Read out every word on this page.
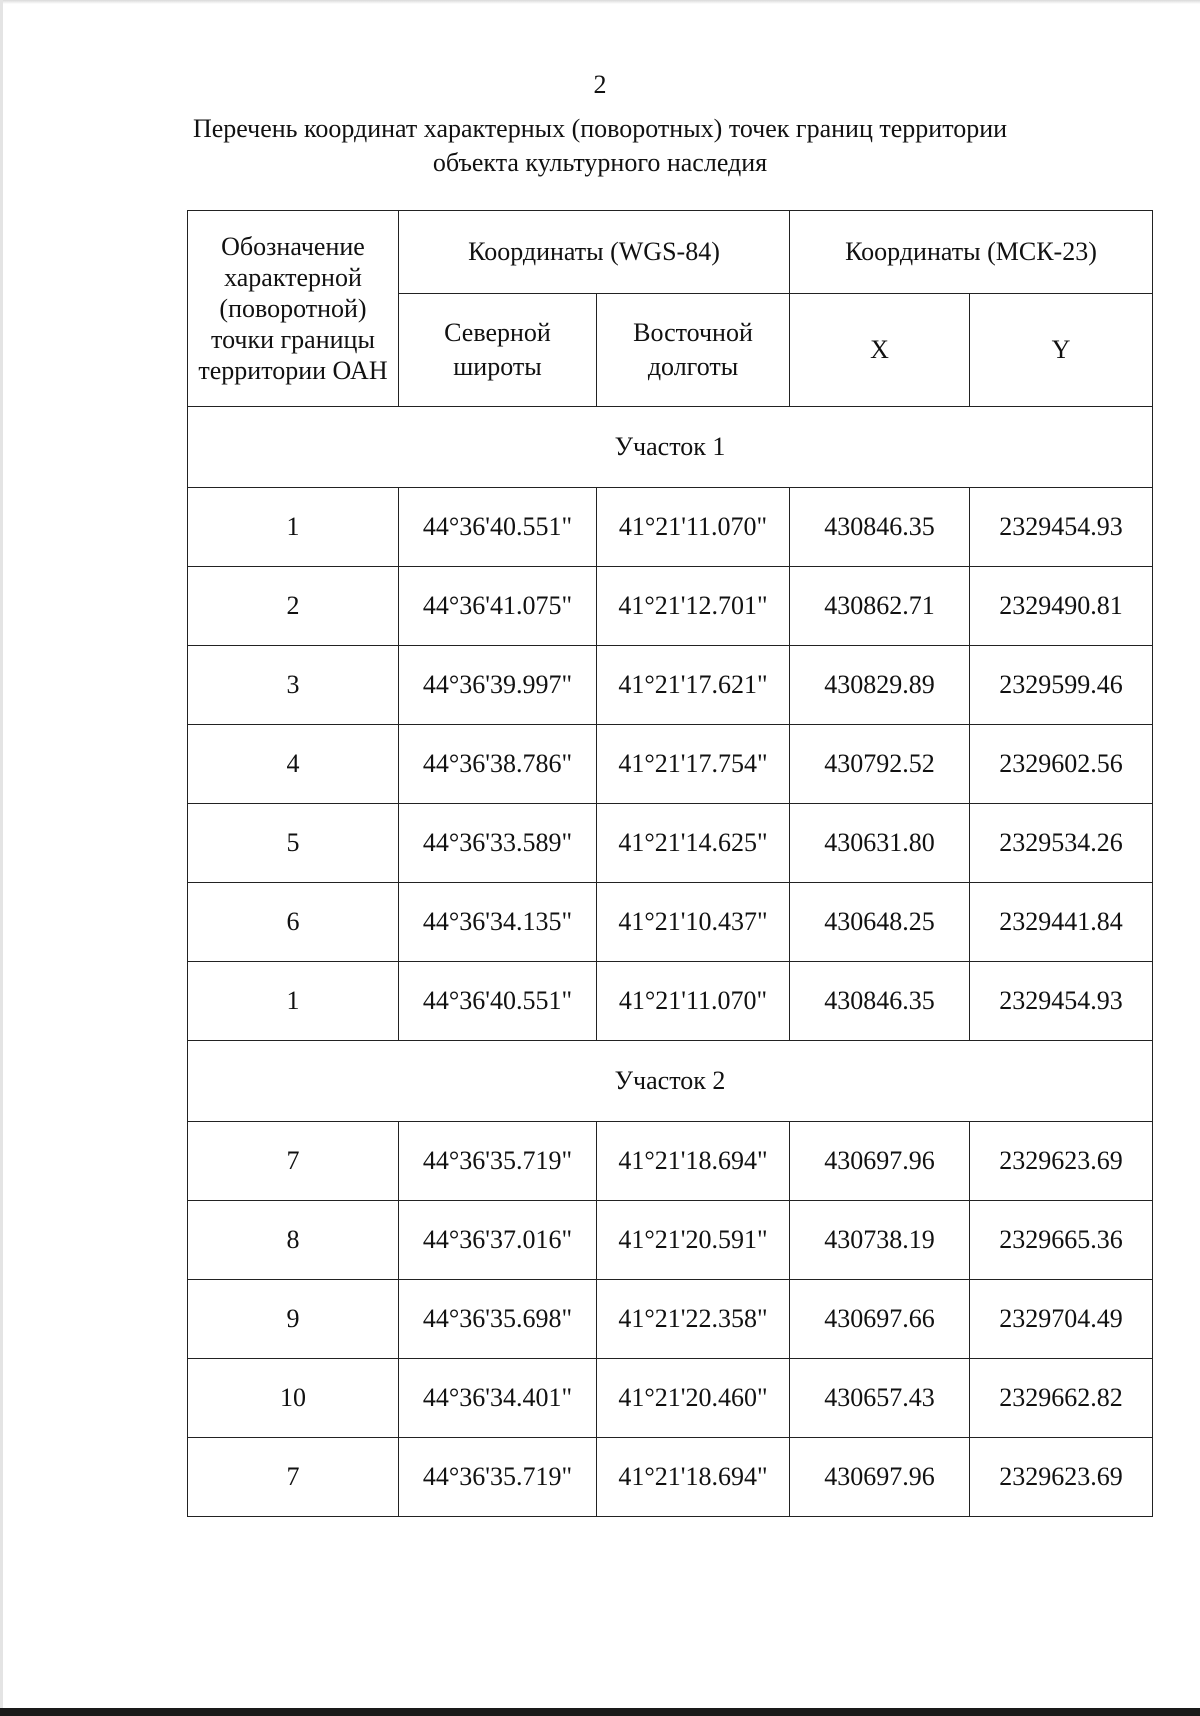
2
Перечень координат характерных (поворотных) точек границ территории
объекта культурного наследия
Обозначение характерной (поворотной) точки границы территории ОАН	Координаты (WGS-84)		Координаты (МСК-23)	
	Северной широты	Восточной долготы	X	Y
Участок 1				
1	44°36'40.551"	41°21'11.070"	430846.35	2329454.93
2	44°36'41.075"	41°21'12.701"	430862.71	2329490.81
3	44°36'39.997"	41°21'17.621"	430829.89	2329599.46
4	44°36'38.786"	41°21'17.754"	430792.52	2329602.56
5	44°36'33.589"	41°21'14.625"	430631.80	2329534.26
6	44°36'34.135"	41°21'10.437"	430648.25	2329441.84
1	44°36'40.551"	41°21'11.070"	430846.35	2329454.93
Участок 2				
7	44°36'35.719"	41°21'18.694"	430697.96	2329623.69
8	44°36'37.016"	41°21'20.591"	430738.19	2329665.36
9	44°36'35.698"	41°21'22.358"	430697.66	2329704.49
10	44°36'34.401"	41°21'20.460"	430657.43	2329662.82
7	44°36'35.719"	41°21'18.694"	430697.96	2329623.69
